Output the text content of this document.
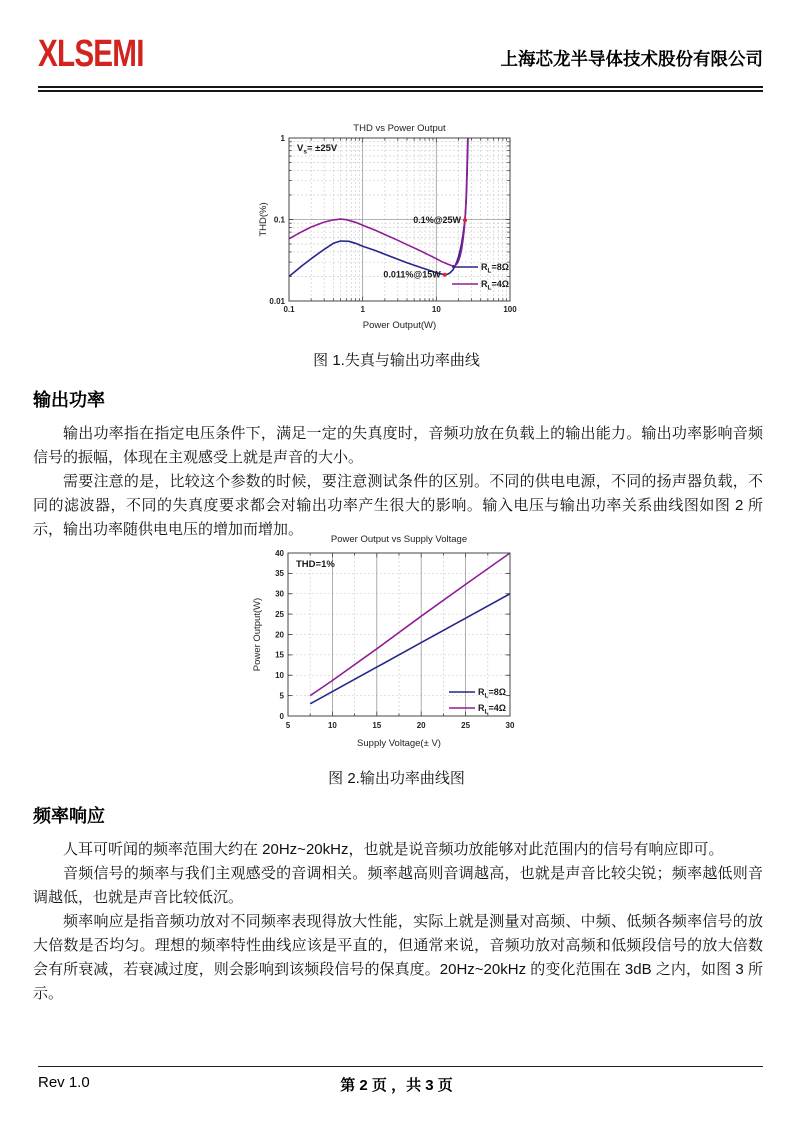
XLSEMI	上海芯龙半导体技术股份有限公司
0.1%@25W
0.011%@15W
0.1	1	10	100
0.01
0.1
1
THD vs Power Output
Power Output(W)
THD(%)
$V_s= \pm 25V$
$R_L=8\Omega$
$R_L=4\Omega$
图 1.失真与输出功率曲线
输出功率

输出功率指在指定电压条件下，满足一定的失真度时，音频功放在负载上的输出能力。输出功率影响音频信号的振幅，体现在主观感受上就是声音的大小。

需要注意的是，比较这个参数的时候，要注意测试条件的区别。不同的供电电源，不同的扬声器负载，不同的滤波器，不同的失真度要求都会对输出功率产生很大的影响。输入电压与输出功率关系曲线图如图 2 所示，输出功率随供电电压的增加而增加。

5	10	15	20	25	30
0
5
10
15
20
25
30
35
40
Power Output vs Supply Voltage
Supply Voltage(± V)
Power Output(W)
THD=1%
$R_L=8\Omega$
$R_L=4\Omega$
图 2.输出功率曲线图
频率响应

人耳可听闻的频率范围大约在 20Hz~20kHz，也就是说音频功放能够对此范围内的信号有响应即可。

音频信号的频率与我们主观感受的音调相关。频率越高则音调越高，也就是声音比较尖锐；频率越低则音调越低，也就是声音比较低沉。

频率响应是指音频功放对不同频率表现得放大性能，实际上就是测量对高频、中频、低频各频率信号的放大倍数是否均匀。理想的频率特性曲线应该是平直的，但通常来说，音频功放对高频和低频段信号的放大倍数会有所衰减，若衰减过度，则会影响到该频段信号的保真度。20Hz~20kHz 的变化范围在 3dB 之内，如图 3 所示。

Rev 1.0	第 2 页 ，共 3 页
